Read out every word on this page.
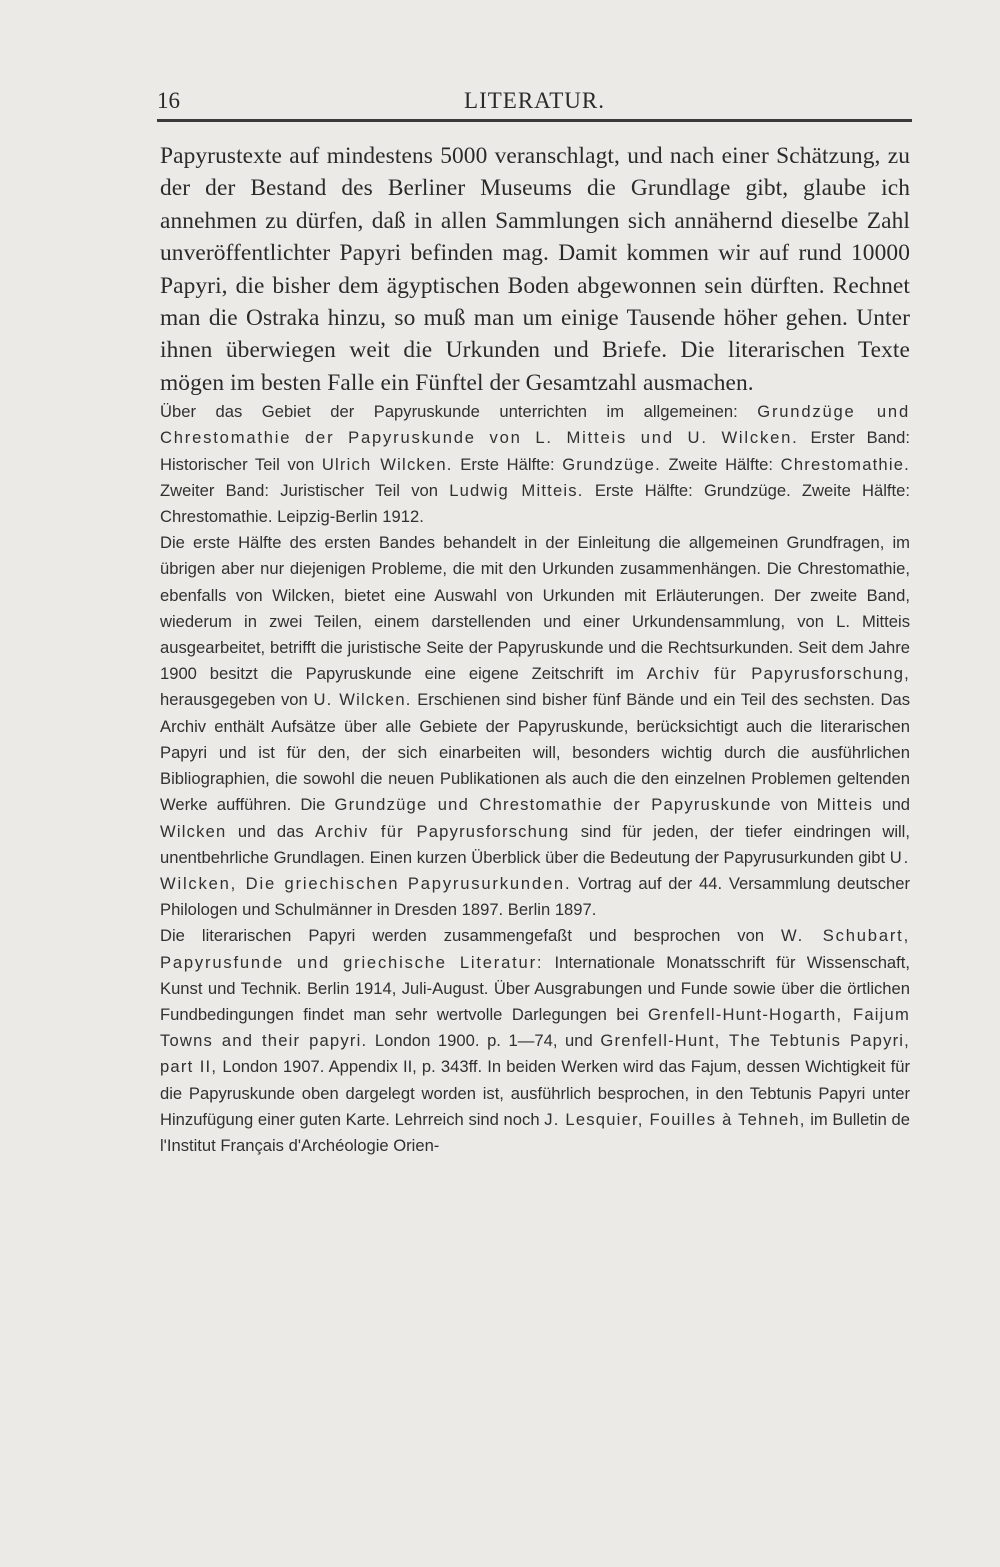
16	LITERATUR.

Papyrustexte auf mindestens 5000 veranschlagt, und nach einer Schätzung, zu der der Bestand des Berliner Museums die Grundlage gibt, glaube ich annehmen zu dürfen, daß in allen Sammlungen sich annähernd dieselbe Zahl unveröffentlichter Papyri befinden mag. Damit kommen wir auf rund 10000 Papyri, die bisher dem ägyptischen Boden abgewonnen sein dürften. Rechnet man die Ostraka hinzu, so muß man um einige Tausende höher gehen. Unter ihnen überwiegen weit die Urkunden und Briefe. Die literarischen Texte mögen im besten Falle ein Fünftel der Gesamtzahl ausmachen.

Über das Gebiet der Papyruskunde unterrichten im allgemeinen: Grundzüge und Chrestomathie der Papyruskunde von L. Mitteis und U. Wilcken. Erster Band: Historischer Teil von Ulrich Wilcken. Erste Hälfte: Grundzüge. Zweite Hälfte: Chrestomathie. Zweiter Band: Juristischer Teil von Ludwig Mitteis. Erste Hälfte: Grundzüge. Zweite Hälfte: Chrestomathie. Leipzig-Berlin 1912.

Die erste Hälfte des ersten Bandes behandelt in der Einleitung die allgemeinen Grundfragen, im übrigen aber nur diejenigen Probleme, die mit den Urkunden zusammenhängen. Die Chrestomathie, ebenfalls von Wilcken, bietet eine Auswahl von Urkunden mit Erläuterungen. Der zweite Band, wiederum in zwei Teilen, einem darstellenden und einer Urkundensammlung, von L. Mitteis ausgearbeitet, betrifft die juristische Seite der Papyruskunde und die Rechtsurkunden. Seit dem Jahre 1900 besitzt die Papyruskunde eine eigene Zeitschrift im Archiv für Papyrusforschung, herausgegeben von U. Wilcken. Erschienen sind bisher fünf Bände und ein Teil des sechsten. Das Archiv enthält Aufsätze über alle Gebiete der Papyruskunde, berücksichtigt auch die literarischen Papyri und ist für den, der sich einarbeiten will, besonders wichtig durch die ausführlichen Bibliographien, die sowohl die neuen Publikationen als auch die den einzelnen Problemen geltenden Werke aufführen. Die Grundzüge und Chrestomathie der Papyruskunde von Mitteis und Wilcken und das Archiv für Papyrusforschung sind für jeden, der tiefer eindringen will, unentbehrliche Grundlagen. Einen kurzen Überblick über die Bedeutung der Papyrusurkunden gibt U. Wilcken, Die griechischen Papyrusurkunden. Vortrag auf der 44. Versammlung deutscher Philologen und Schulmänner in Dresden 1897. Berlin 1897.

Die literarischen Papyri werden zusammengefaßt und besprochen von W. Schubart, Papyrusfunde und griechische Literatur: Internationale Monatsschrift für Wissenschaft, Kunst und Technik. Berlin 1914, Juli-August. Über Ausgrabungen und Funde sowie über die örtlichen Fundbedingungen findet man sehr wertvolle Darlegungen bei Grenfell-Hunt-Hogarth, Faijum Towns and their papyri. London 1900. p. 1—74, und Grenfell-Hunt, The Tebtunis Papyri, part II, London 1907. Appendix II, p. 343ff. In beiden Werken wird das Fajum, dessen Wichtigkeit für die Papyruskunde oben dargelegt worden ist, ausführlich besprochen, in den Tebtunis Papyri unter Hinzufügung einer guten Karte. Lehrreich sind noch J. Lesquier, Fouilles à Tehneh, im Bulletin de l'Institut Français d'Archéologie Orien-
